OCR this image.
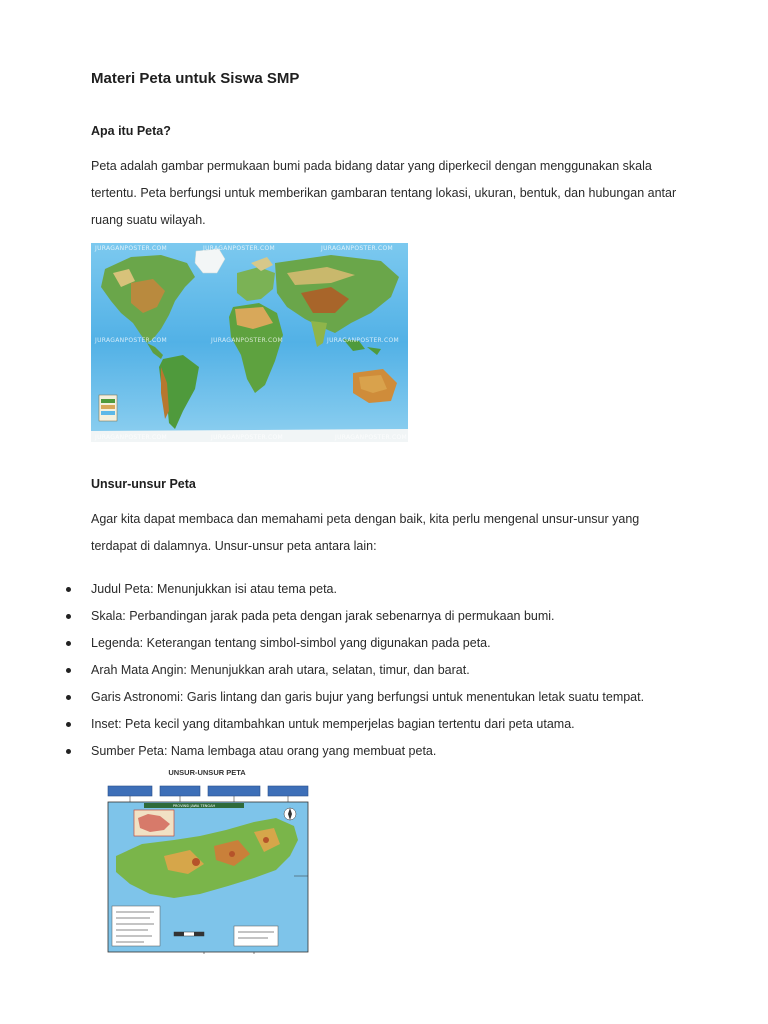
Materi Peta untuk Siswa SMP
Apa itu Peta?

Peta adalah gambar permukaan bumi pada bidang datar yang diperkecil dengan menggunakan skala
tertentu. Peta berfungsi untuk memberikan gambaran tentang lokasi, ukuran, bentuk, dan hubungan antar
ruang suatu wilayah.

JURAGANPOSTER.COM	JURAGANPOSTER.COM	JURAGANPOSTER.COM
JURAGANPOSTER.COM	JURAGANPOSTER.COM	JURAGANPOSTER.COM
JURAGANPOSTER.COM	JURAGANPOSTER.COM	JURAGANPOSTER.COM
Unsur-unsur Peta

Agar kita dapat membaca dan memahami peta dengan baik, kita perlu mengenal unsur-unsur yang
terdapat di dalamnya. Unsur-unsur peta antara lain:

Judul Peta: Menunjukkan isi atau tema peta.
Skala: Perbandingan jarak pada peta dengan jarak sebenarnya di permukaan bumi.
Legenda: Keterangan tentang simbol-simbol yang digunakan pada peta.
Arah Mata Angin: Menunjukkan arah utara, selatan, timur, dan barat.
Garis Astronomi: Garis lintang dan garis bujur yang berfungsi untuk menentukan letak suatu tempat.
Inset: Peta kecil yang ditambahkan untuk memperjelas bagian tertentu dari peta utama.
Sumber Peta: Nama lembaga atau orang yang membuat peta.
UNSUR-UNSUR PETA
PROVINSI JAWA TENGAH
